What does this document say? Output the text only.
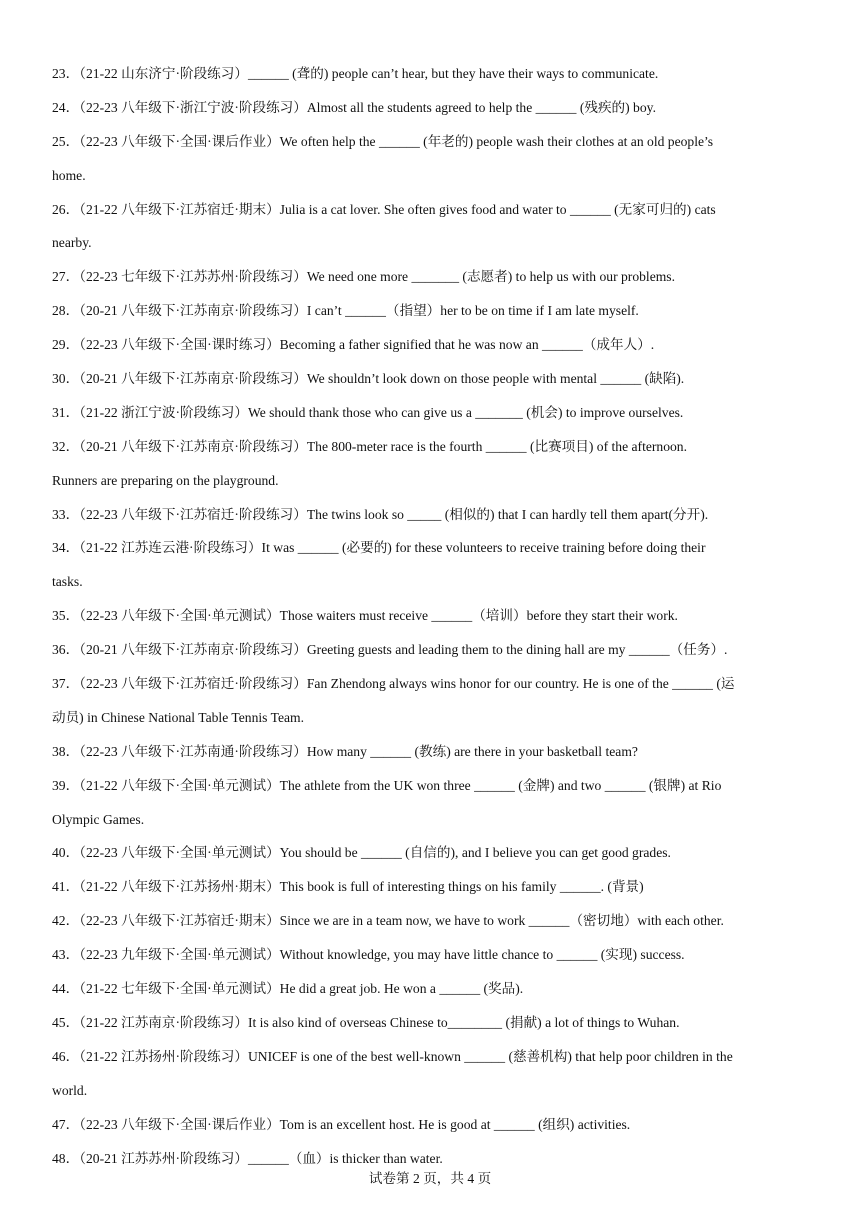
23．（21-22 山东济宁·阶段练习）______ (聋的) people can’t hear, but they have their ways to communicate.
24．（22-23 八年级下·浙江宁波·阶段练习）Almost all the students agreed to help the ______ (残疾的) boy.
25．（22-23 八年级下·全国·课后作业）We often help the ______ (年老的) people wash their clothes at an old people’s
home.
26．（21-22 八年级下·江苏宿迁·期末）Julia is a cat lover. She often gives food and water to ______ (无家可归的) cats
nearby.
27．（22-23 七年级下·江苏苏州·阶段练习）We need one more _______ (志愿者) to help us with our problems.
28．（20-21 八年级下·江苏南京·阶段练习）I can’t ______（指望）her to be on time if I am late myself.
29．（22-23 八年级下·全国·课时练习）Becoming a father signified that he was now an ______（成年人）.
30．（20-21 八年级下·江苏南京·阶段练习）We shouldn’t look down on those people with mental ______ (缺陷).
31．（21-22 浙江宁波·阶段练习）We should thank those who can give us a _______ (机会) to improve ourselves.
32．（20-21 八年级下·江苏南京·阶段练习）The 800-meter race is the fourth ______ (比赛项目) of the afternoon.
Runners are preparing on the playground.
33．（22-23 八年级下·江苏宿迁·阶段练习）The twins look so _____ (相似的) that I can hardly tell them apart(分开).
34．（21-22 江苏连云港·阶段练习）It was ______ (必要的) for these volunteers to receive training before doing their
tasks.
35．（22-23 八年级下·全国·单元测试）Those waiters must receive ______（培训）before they start their work.
36．（20-21 八年级下·江苏南京·阶段练习）Greeting guests and leading them to the dining hall are my ______（任务）.
37．（22-23 八年级下·江苏宿迁·阶段练习）Fan Zhendong always wins honor for our country. He is one of the ______ (运
动员) in Chinese National Table Tennis Team.
38．（22-23 八年级下·江苏南通·阶段练习）How many ______ (教练) are there in your basketball team?
39．（21-22 八年级下·全国·单元测试）The athlete from the UK won three ______ (金牌) and two ______ (银牌) at Rio
Olympic Games.
40．（22-23 八年级下·全国·单元测试）You should be ______ (自信的), and I believe you can get good grades.
41．（21-22 八年级下·江苏扬州·期末）This book is full of interesting things on his family ______. (背景)
42．（22-23 八年级下·江苏宿迁·期末）Since we are in a team now, we have to work ______（密切地）with each other.
43．（22-23 九年级下·全国·单元测试）Without knowledge, you may have little chance to ______ (实现) success.
44．（21-22 七年级下·全国·单元测试）He did a great job. He won a ______ (奖品).
45．（21-22 江苏南京·阶段练习）It is also kind of overseas Chinese to________ (捐献) a lot of things to Wuhan.
46．（21-22 江苏扬州·阶段练习）UNICEF is one of the best well-known ______ (慈善机构) that help poor children in the
world.
47．（22-23 八年级下·全国·课后作业）Tom is an excellent host. He is good at ______ (组织) activities.
48．（20-21 江苏苏州·阶段练习）______（血）is thicker than water.
试卷第 2 页，共 4 页
